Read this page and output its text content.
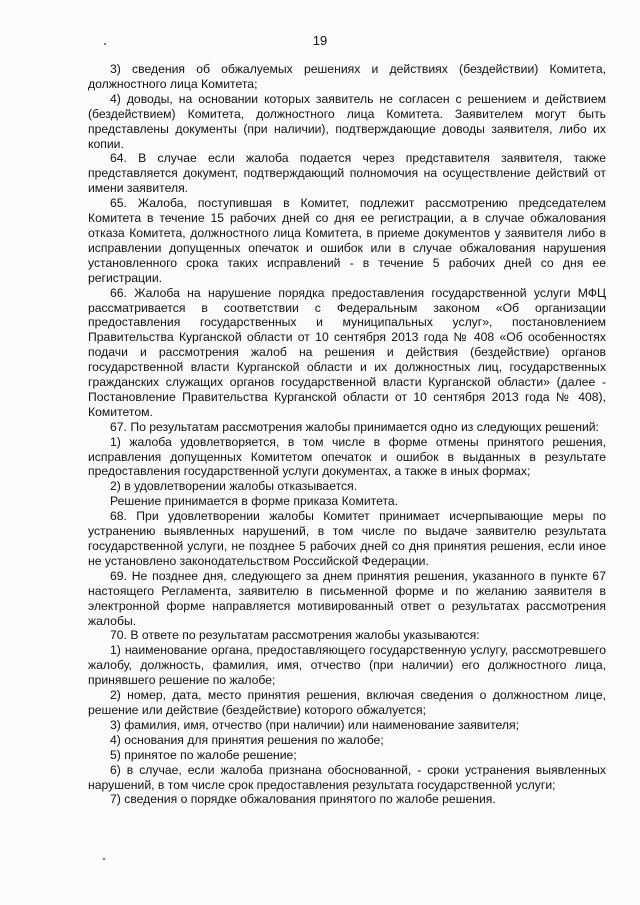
19

3) сведения об обжалуемых решениях и действиях (бездействии) Комитета, должностного лица Комитета;

4) доводы, на основании которых заявитель не согласен с решением и действием (бездействием) Комитета, должностного лица Комитета. Заявителем могут быть представлены документы (при наличии), подтверждающие доводы заявителя, либо их копии.

64. В случае если жалоба подается через представителя заявителя, также представляется документ, подтверждающий полномочия на осуществление действий от имени заявителя.

65. Жалоба, поступившая в Комитет, подлежит рассмотрению председателем Комитета в течение 15 рабочих дней со дня ее регистрации, а в случае обжалования отказа Комитета, должностного лица Комитета, в приеме документов у заявителя либо в исправлении допущенных опечаток и ошибок или в случае обжалования нарушения установленного срока таких исправлений - в течение 5 рабочих дней со дня ее регистрации.

66. Жалоба на нарушение порядка предоставления государственной услуги МФЦ рассматривается в соответствии с Федеральным законом «Об организации предоставления государственных и муниципальных услуг», постановлением Правительства Курганской области от 10 сентября 2013 года № 408 «Об особенностях подачи и рассмотрения жалоб на решения и действия (бездействие) органов государственной власти Курганской области и их должностных лиц, государственных гражданских служащих органов государственной власти Курганской области» (далее - Постановление Правительства Курганской области от 10 сентября 2013 года № 408), Комитетом.

67. По результатам рассмотрения жалобы принимается одно из следующих решений:

1) жалоба удовлетворяется, в том числе в форме отмены принятого решения, исправления допущенных Комитетом опечаток и ошибок в выданных в результате предоставления государственной услуги документах, а также в иных формах;

2) в удовлетворении жалобы отказывается.

Решение принимается в форме приказа Комитета.

68. При удовлетворении жалобы Комитет принимает исчерпывающие меры по устранению выявленных нарушений, в том числе по выдаче заявителю результата государственной услуги, не позднее 5 рабочих дней со дня принятия решения, если иное не установлено законодательством Российской Федерации.

69. Не позднее дня, следующего за днем принятия решения, указанного в пункте 67 настоящего Регламента, заявителю в письменной форме и по желанию заявителя в электронной форме направляется мотивированный ответ о результатах рассмотрения жалобы.

70. В ответе по результатам рассмотрения жалобы указываются:

1) наименование органа, предоставляющего государственную услугу, рассмотревшего жалобу, должность, фамилия, имя, отчество (при наличии) его должностного лица, принявшего решение по жалобе;

2) номер, дата, место принятия решения, включая сведения о должностном лице, решение или действие (бездействие) которого обжалуется;

3) фамилия, имя, отчество (при наличии) или наименование заявителя;

4) основания для принятия решения по жалобе;

5) принятое по жалобе решение;

6) в случае, если жалоба признана обоснованной, - сроки устранения выявленных нарушений, в том числе срок предоставления результата государственной услуги;

7) сведения о порядке обжалования принятого по жалобе решения.
